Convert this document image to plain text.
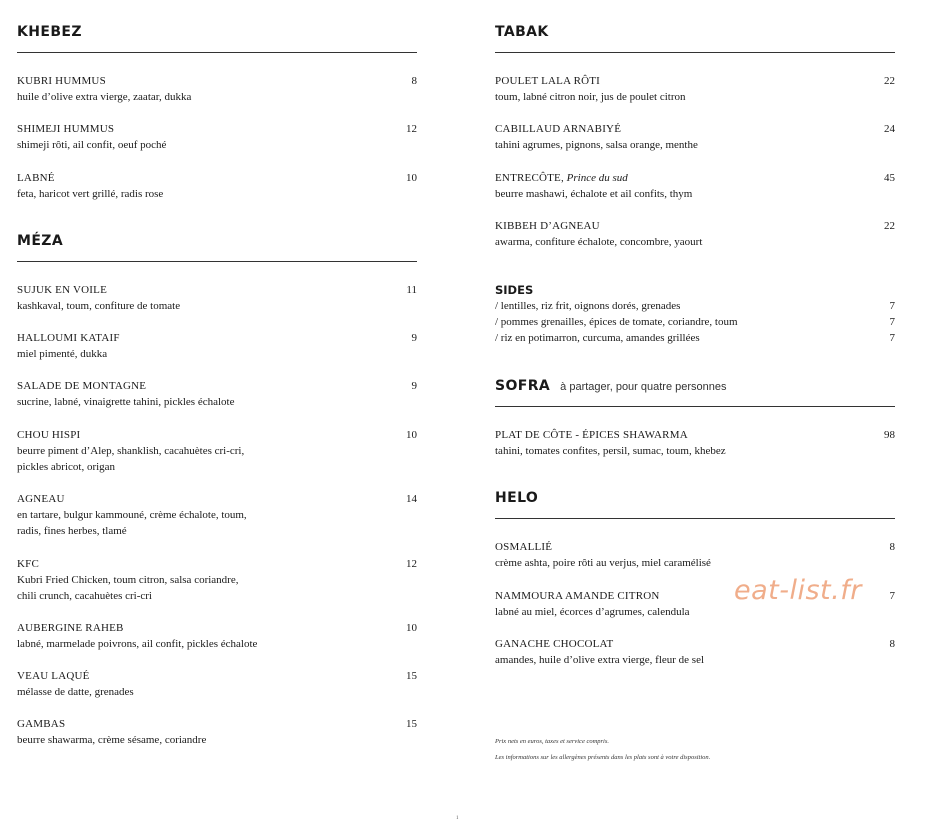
KHEBEZ
KUBRI HUMMUS	8
huile d’olive extra vierge, zaatar, dukka
SHIMEJI HUMMUS	12
shimeji rôti, ail confit, oeuf poché
LABNÉ	10
feta, haricot vert grillé, radis rose
MÉZA
SUJUK EN VOILE	11
kashkaval, toum, confiture de tomate
HALLOUMI KATAIF	9
miel pimenté, dukka
SALADE DE MONTAGNE	9
sucrine, labné, vinaigrette tahini, pickles échalote
CHOU HISPI	10
beurre piment d’Alep, shanklish, cacahuètes cri-cri,
pickles abricot, origan
AGNEAU	14
en tartare, bulgur kammouné, crème échalote, toum,
radis, fines herbes, tlamé
KFC	12
Kubri Fried Chicken, toum citron, salsa coriandre,
chili crunch, cacahuètes cri-cri
AUBERGINE RAHEB	10
labné, marmelade poivrons, ail confit, pickles échalote
VEAU LAQUÉ	15
mélasse de datte, grenades
GAMBAS	15
beurre shawarma, crème sésame, coriandre
TABAK
POULET LALA RÔTI	22
toum, labné citron noir, jus de poulet citron
CABILLAUD ARNABIYÉ	24
tahini agrumes, pignons, salsa orange, menthe
ENTRECÔTE, Prince du sud	45
beurre mashawi, échalote et ail confits, thym
KIBBEH D’AGNEAU	22
awarma, confiture échalote, concombre, yaourt
SIDES
/ lentilles, riz frit, oignons dorés, grenades	7
/ pommes grenailles, épices de tomate, coriandre, toum	7
/ riz en potimarron, curcuma, amandes grillées	7
SOFRA à partager, pour quatre personnes
PLAT DE CÔTE - ÉPICES SHAWARMA	98
tahini, tomates confites, persil, sumac, toum, khebez
HELO
OSMALLIÉ	8
crème ashta, poire rôti au verjus, miel caramélisé
NAMMOURA AMANDE CITRON	7
labné au miel, écorces d’agrumes, calendula
GANACHE CHOCOLAT	8
amandes, huile d’olive extra vierge, fleur de sel
eat-list.fr
Prix nets en euros, taxes et service compris.
Les informations sur les allergènes présents dans les plats sont à votre disposition.
1
